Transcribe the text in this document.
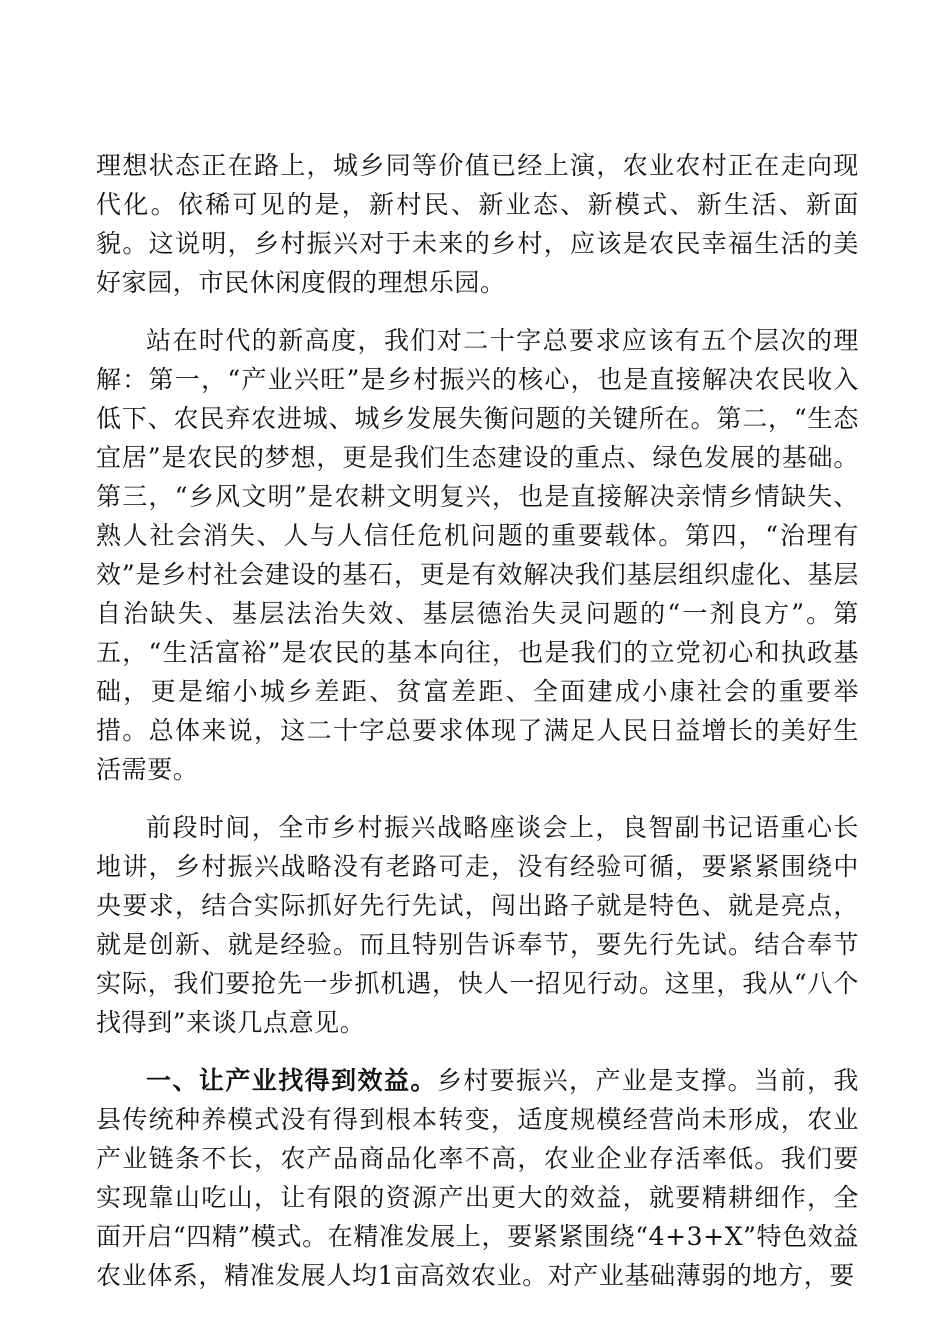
理想状态正在路上，城乡同等价值已经上演，农业农村正在走向现代化。依稀可见的是，新村民、新业态、新模式、新生活、新面貌。这说明，乡村振兴对于未来的乡村，应该是农民幸福生活的美好家园，市民休闲度假的理想乐园。

站在时代的新高度，我们对二十字总要求应该有五个层次的理解：第一，“产业兴旺”是乡村振兴的核心，也是直接解决农民收入低下、农民弃农进城、城乡发展失衡问题的关键所在。第二，“生态宜居”是农民的梦想，更是我们生态建设的重点、绿色发展的基础。第三，“乡风文明”是农耕文明复兴，也是直接解决亲情乡情缺失、熟人社会消失、人与人信任危机问题的重要载体。第四，“治理有效”是乡村社会建设的基石，更是有效解决我们基层组织虚化、基层自治缺失、基层法治失效、基层德治失灵问题的“一剂良方”。第五，“生活富裕”是农民的基本向往，也是我们的立党初心和执政基础，更是缩小城乡差距、贫富差距、全面建成小康社会的重要举措。总体来说，这二十字总要求体现了满足人民日益增长的美好生活需要。

前段时间，全市乡村振兴战略座谈会上，良智副书记语重心长地讲，乡村振兴战略没有老路可走，没有经验可循，要紧紧围绕中央要求，结合实际抓好先行先试，闯出路子就是特色、就是亮点，就是创新、就是经验。而且特别告诉奉节，要先行先试。结合奉节实际，我们要抢先一步抓机遇，快人一招见行动。这里，我从“八个找得到”来谈几点意见。

一、让产业找得到效益。乡村要振兴，产业是支撑。当前，我县传统种养模式没有得到根本转变，适度规模经营尚未形成，农业产业链条不长，农产品商品化率不高，农业企业存活率低。我们要实现靠山吃山，让有限的资源产出更大的效益，就要精耕细作，全面开启“四精”模式。在精准发展上，要紧紧围绕“4+3+X”特色效益农业体系，精准发展人均1亩高效农业。对产业基础薄弱的地方，要
